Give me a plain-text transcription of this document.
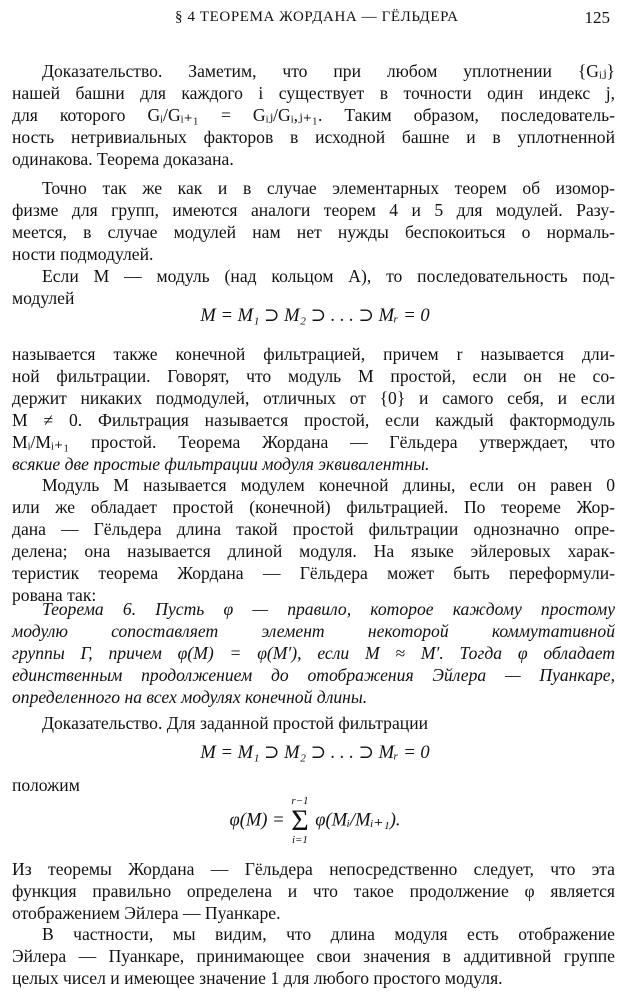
§ 4 ТЕОРЕМА ЖОРДАНА — ГЁЛЬДЕРА	125
Доказательство. Заметим, что при любом уплотнении {Gᵢⱼ}
нашей башни для каждого i существует в точности один индекс j,
для которого Gᵢ/Gᵢ₊₁ = Gᵢⱼ/Gᵢ,ⱼ₊₁. Таким образом, последователь-
ность нетривиальных факторов в исходной башне и в уплотненной
одинакова. Теорема доказана.
Точно так же как и в случае элементарных теорем об изомор-
физме для групп, имеются аналоги теорем 4 и 5 для модулей. Разу-
меется, в случае модулей нам нет нужды беспокоиться о нормаль-
ности подмодулей.
Если M — модуль (над кольцом A), то последовательность под-
модулей
M = M₁ ⊃ M₂ ⊃ . . . ⊃ Mᵣ = 0
называется также конечной фильтрацией, причем r называется дли-
ной фильтрации. Говорят, что модуль M простой, если он не со-
держит никаких подмодулей, отличных от {0} и самого себя, и если
M ≠ 0. Фильтрация называется простой, если каждый фактормодуль
Mᵢ/Mᵢ₊₁ простой. Теорема Жордана — Гёльдера утверждает, что
всякие две простые фильтрации модуля эквивалентны.
Модуль M называется модулем конечной длины, если он равен 0
или же обладает простой (конечной) фильтрацией. По теореме Жор-
дана — Гёльдера длина такой простой фильтрации однозначно опре-
делена; она называется длиной модуля. На языке эйлеровых харак-
теристик теорема Жордана — Гёльдера может быть переформули-
рована так:
Теорема 6. Пусть φ — правило, которое каждому простому
модулю сопоставляет элемент некоторой коммутативной
группы Γ, причем φ(M) = φ(M′), если M ≈ M′. Тогда φ обладает
единственным продолжением до отображения Эйлера — Пуанкаре,
определенного на всех модулях конечной длины.
Доказательство. Для заданной простой фильтрации
M = M₁ ⊃ M₂ ⊃ . . . ⊃ Mᵣ = 0
положим
φ(M) =
r−1
Σ
i=1
φ(Mᵢ/Mᵢ₊₁).
Из теоремы Жордана — Гёльдера непосредственно следует, что эта
функция правильно определена и что такое продолжение φ является
отображением Эйлера — Пуанкаре.
В частности, мы видим, что длина модуля есть отображение
Эйлера — Пуанкаре, принимающее свои значения в аддитивной группе
целых чисел и имеющее значение 1 для любого простого модуля.
